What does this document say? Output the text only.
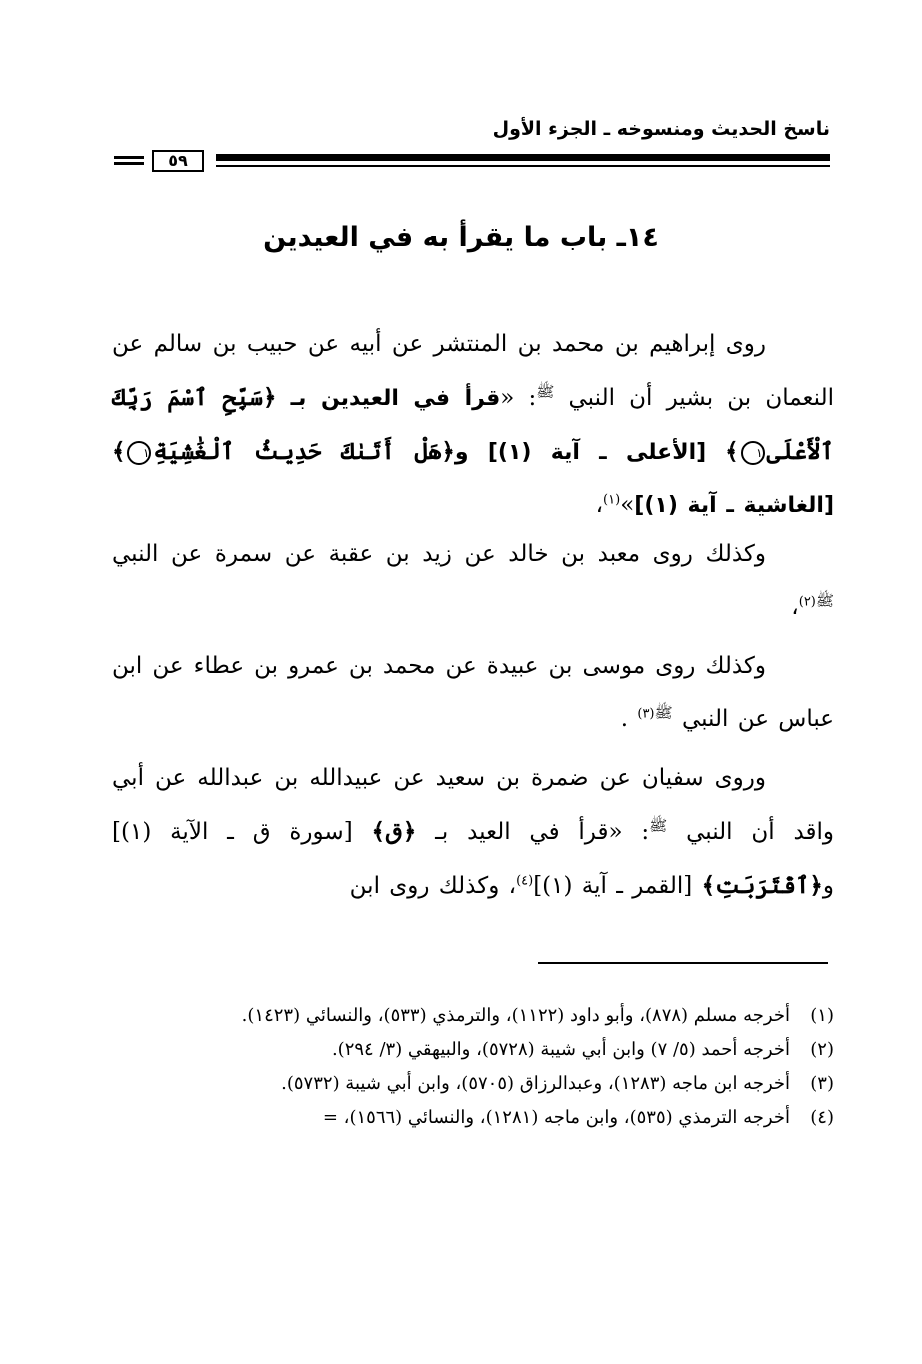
ناسخ الحديث ومنسوخه ـ الجزء الأول
٥٩
١٤ـ باب ما يقرأ به في العيدين

روى إبراهيم بن محمد بن المنتشر عن أبيه عن حبيب بن سالم عن النعمان بن بشير أن النبي $^ﷺ$: «قرأ في العيدين بـ ﴿سَبِّحِ ٱسْمَ رَبِّكَ ٱلْأَعْلَى١﴾ [الأعلى ـ آية (١)] و﴿هَلْ أَتَىٰكَ حَدِيثُ ٱلْغَٰشِيَةِ١﴾ [الغاشية ـ آية (١)]»$^{(١)}$،

وكذلك روى معبد بن خالد عن زيد بن عقبة عن سمرة عن النبي $^{ﷺ(٢)}$،

وكذلك روى موسى بن عبيدة عن محمد بن عمرو بن عطاء عن ابن عباس عن النبي $^{ﷺ(٣)}$ .

وروى سفيان عن ضمرة بن سعيد عن عبيدالله بن عبدالله عن أبي واقد أن النبي $^ﷺ$: «قرأ في العيد بـ ﴿ق﴾ [سورة ق ـ الآية (١)] و﴿ٱقْتَرَبَتِ﴾ [القمر ـ آية (١)]$^{(٤)}$، وكذلك روى ابن

(١)
أخرجه مسلم (٨٧٨)، وأبو داود (١١٢٢)، والترمذي (٥٣٣)، والنسائي (١٤٢٣).
(٢)
أخرجه أحمد (٥/ ٧) وابن أبي شيبة (٥٧٢٨)، والبيهقي (٣/ ٢٩٤).
(٣)
أخرجه ابن ماجه (١٢٨٣)، وعبدالرزاق (٥٧٠٥)، وابن أبي شيبة (٥٧٣٢).
(٤)
أخرجه الترمذي (٥٣٥)، وابن ماجه (١٢٨١)، والنسائي (١٥٦٦)، =
